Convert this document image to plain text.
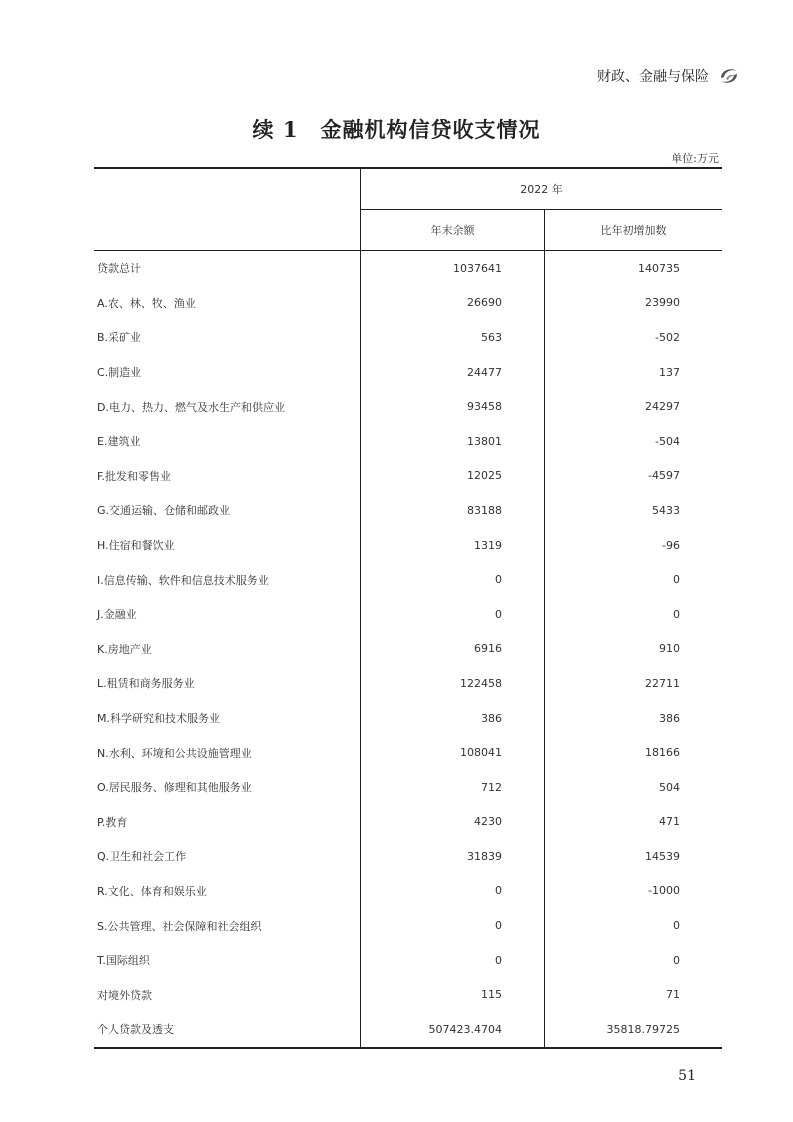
财政、金融与保险
续 1 金融机构信贷收支情况
单位:万元
	2022 年	
	年末余额	比年初增加数
贷款总计	1037641	140735
A.农、林、牧、渔业	26690	23990
B.采矿业	563	-502
C.制造业	24477	137
D.电力、热力、燃气及水生产和供应业	93458	24297
E.建筑业	13801	-504
F.批发和零售业	12025	-4597
G.交通运输、仓储和邮政业	83188	5433
H.住宿和餐饮业	1319	-96
I.信息传输、软件和信息技术服务业	0	0
J.金融业	0	0
K.房地产业	6916	910
L.租赁和商务服务业	122458	22711
M.科学研究和技术服务业	386	386
N.水利、环境和公共设施管理业	108041	18166
O.居民服务、修理和其他服务业	712	504
P.教育	4230	471
Q.卫生和社会工作	31839	14539
R.文化、体育和娱乐业	0	-1000
S.公共管理、社会保障和社会组织	0	0
T.国际组织	0	0
对境外贷款	115	71
个人贷款及透支	507423.4704	35818.79725
51
